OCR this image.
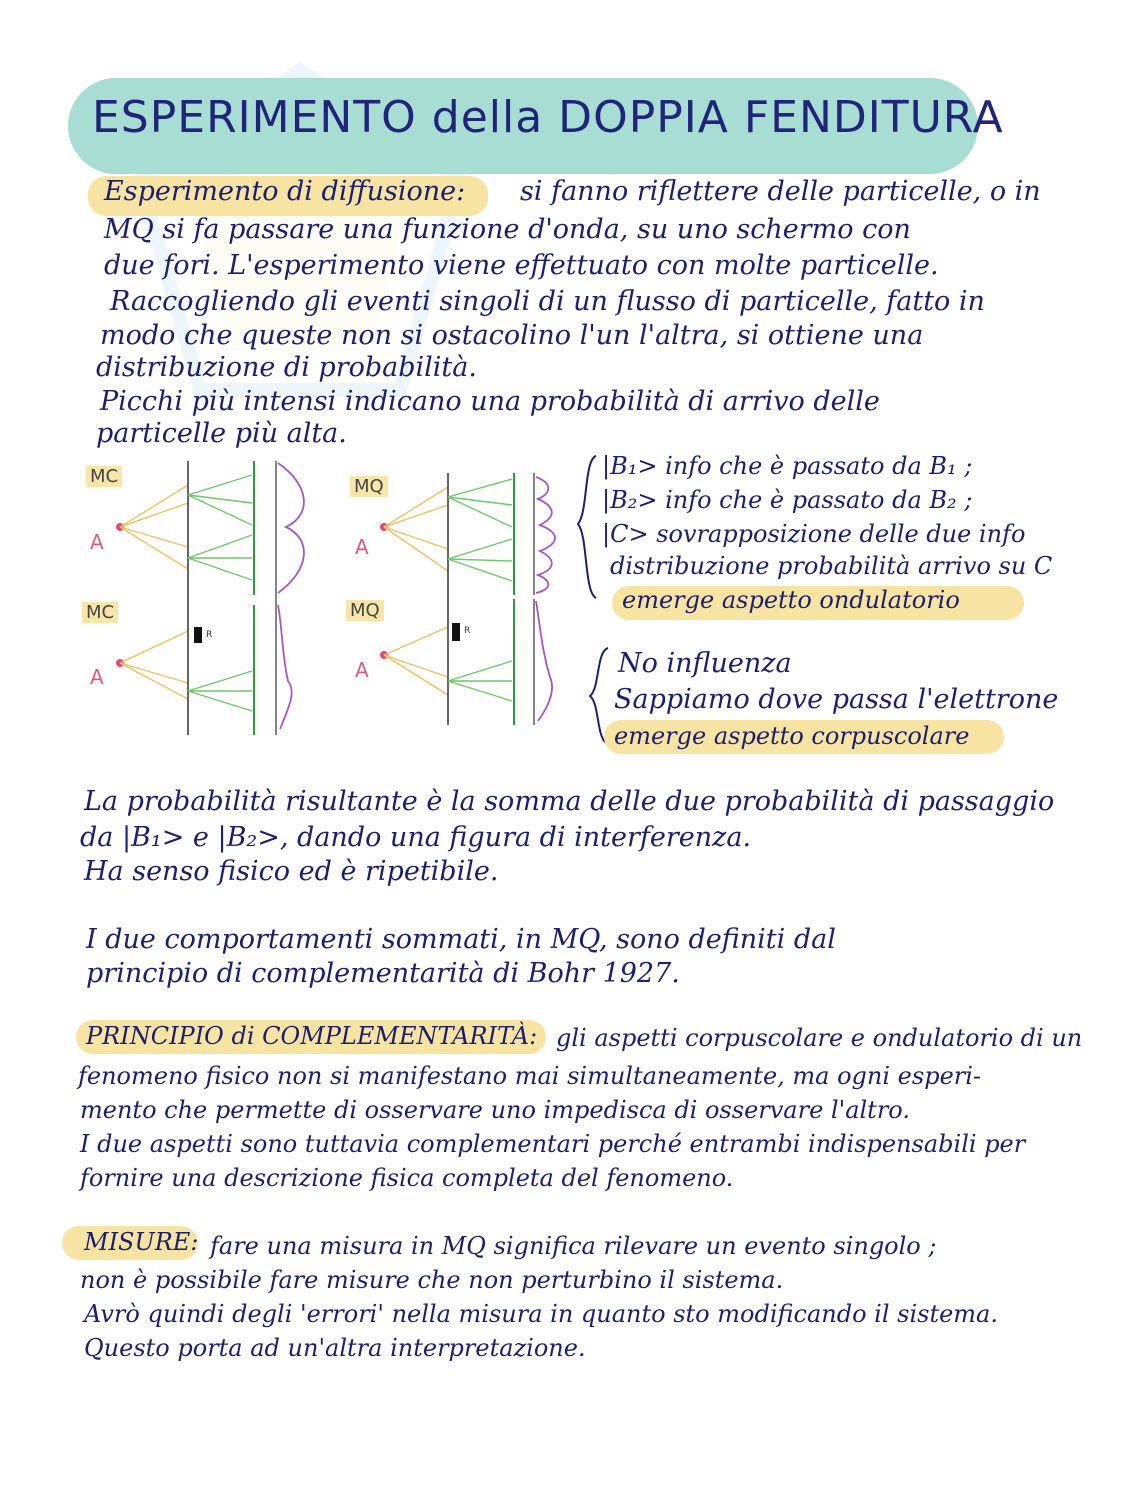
ESPERIMENTO della DOPPIA FENDITURA
Esperimento di diffusione: si fanno riflettere delle particelle, o in
MQ si fa passare una funzione d'onda, su uno schermo con
due fori. L'esperimento viene effettuato con molte particelle.
Raccogliendo gli eventi singoli di un flusso di particelle, fatto in
modo che queste non si ostacolino l'un l'altra, si ottiene una
distribuzione di probabilità.
Picchi più intensi indicano una probabilità di arrivo delle
particelle più alta.
MC	MQ
MC	MQ
A	A
A	A
R	R
|B₁> info che è passato da B₁ ;
|B₂> info che è passato da B₂ ;
|C> sovrapposizione delle due info
distribuzione probabilità arrivo su C
emerge aspetto ondulatorio
No influenza
Sappiamo dove passa l'elettrone
emerge aspetto corpuscolare
La probabilità risultante è la somma delle due probabilità di passaggio
da |B₁> e |B₂>, dando una figura di interferenza.
Ha senso fisico ed è ripetibile.
I due comportamenti sommati, in MQ, sono definiti dal
principio di complementarità di Bohr 1927.
PRINCIPIO di COMPLEMENTARITÀ: gli aspetti corpuscolare e ondulatorio di un
fenomeno fisico non si manifestano mai simultaneamente, ma ogni esperi-
mento che permette di osservare uno impedisca di osservare l'altro.
I due aspetti sono tuttavia complementari perché entrambi indispensabili per
fornire una descrizione fisica completa del fenomeno.
MISURE: fare una misura in MQ significa rilevare un evento singolo ;
non è possibile fare misure che non perturbino il sistema.
Avrò quindi degli 'errori' nella misura in quanto sto modificando il sistema.
Questo porta ad un'altra interpretazione.
